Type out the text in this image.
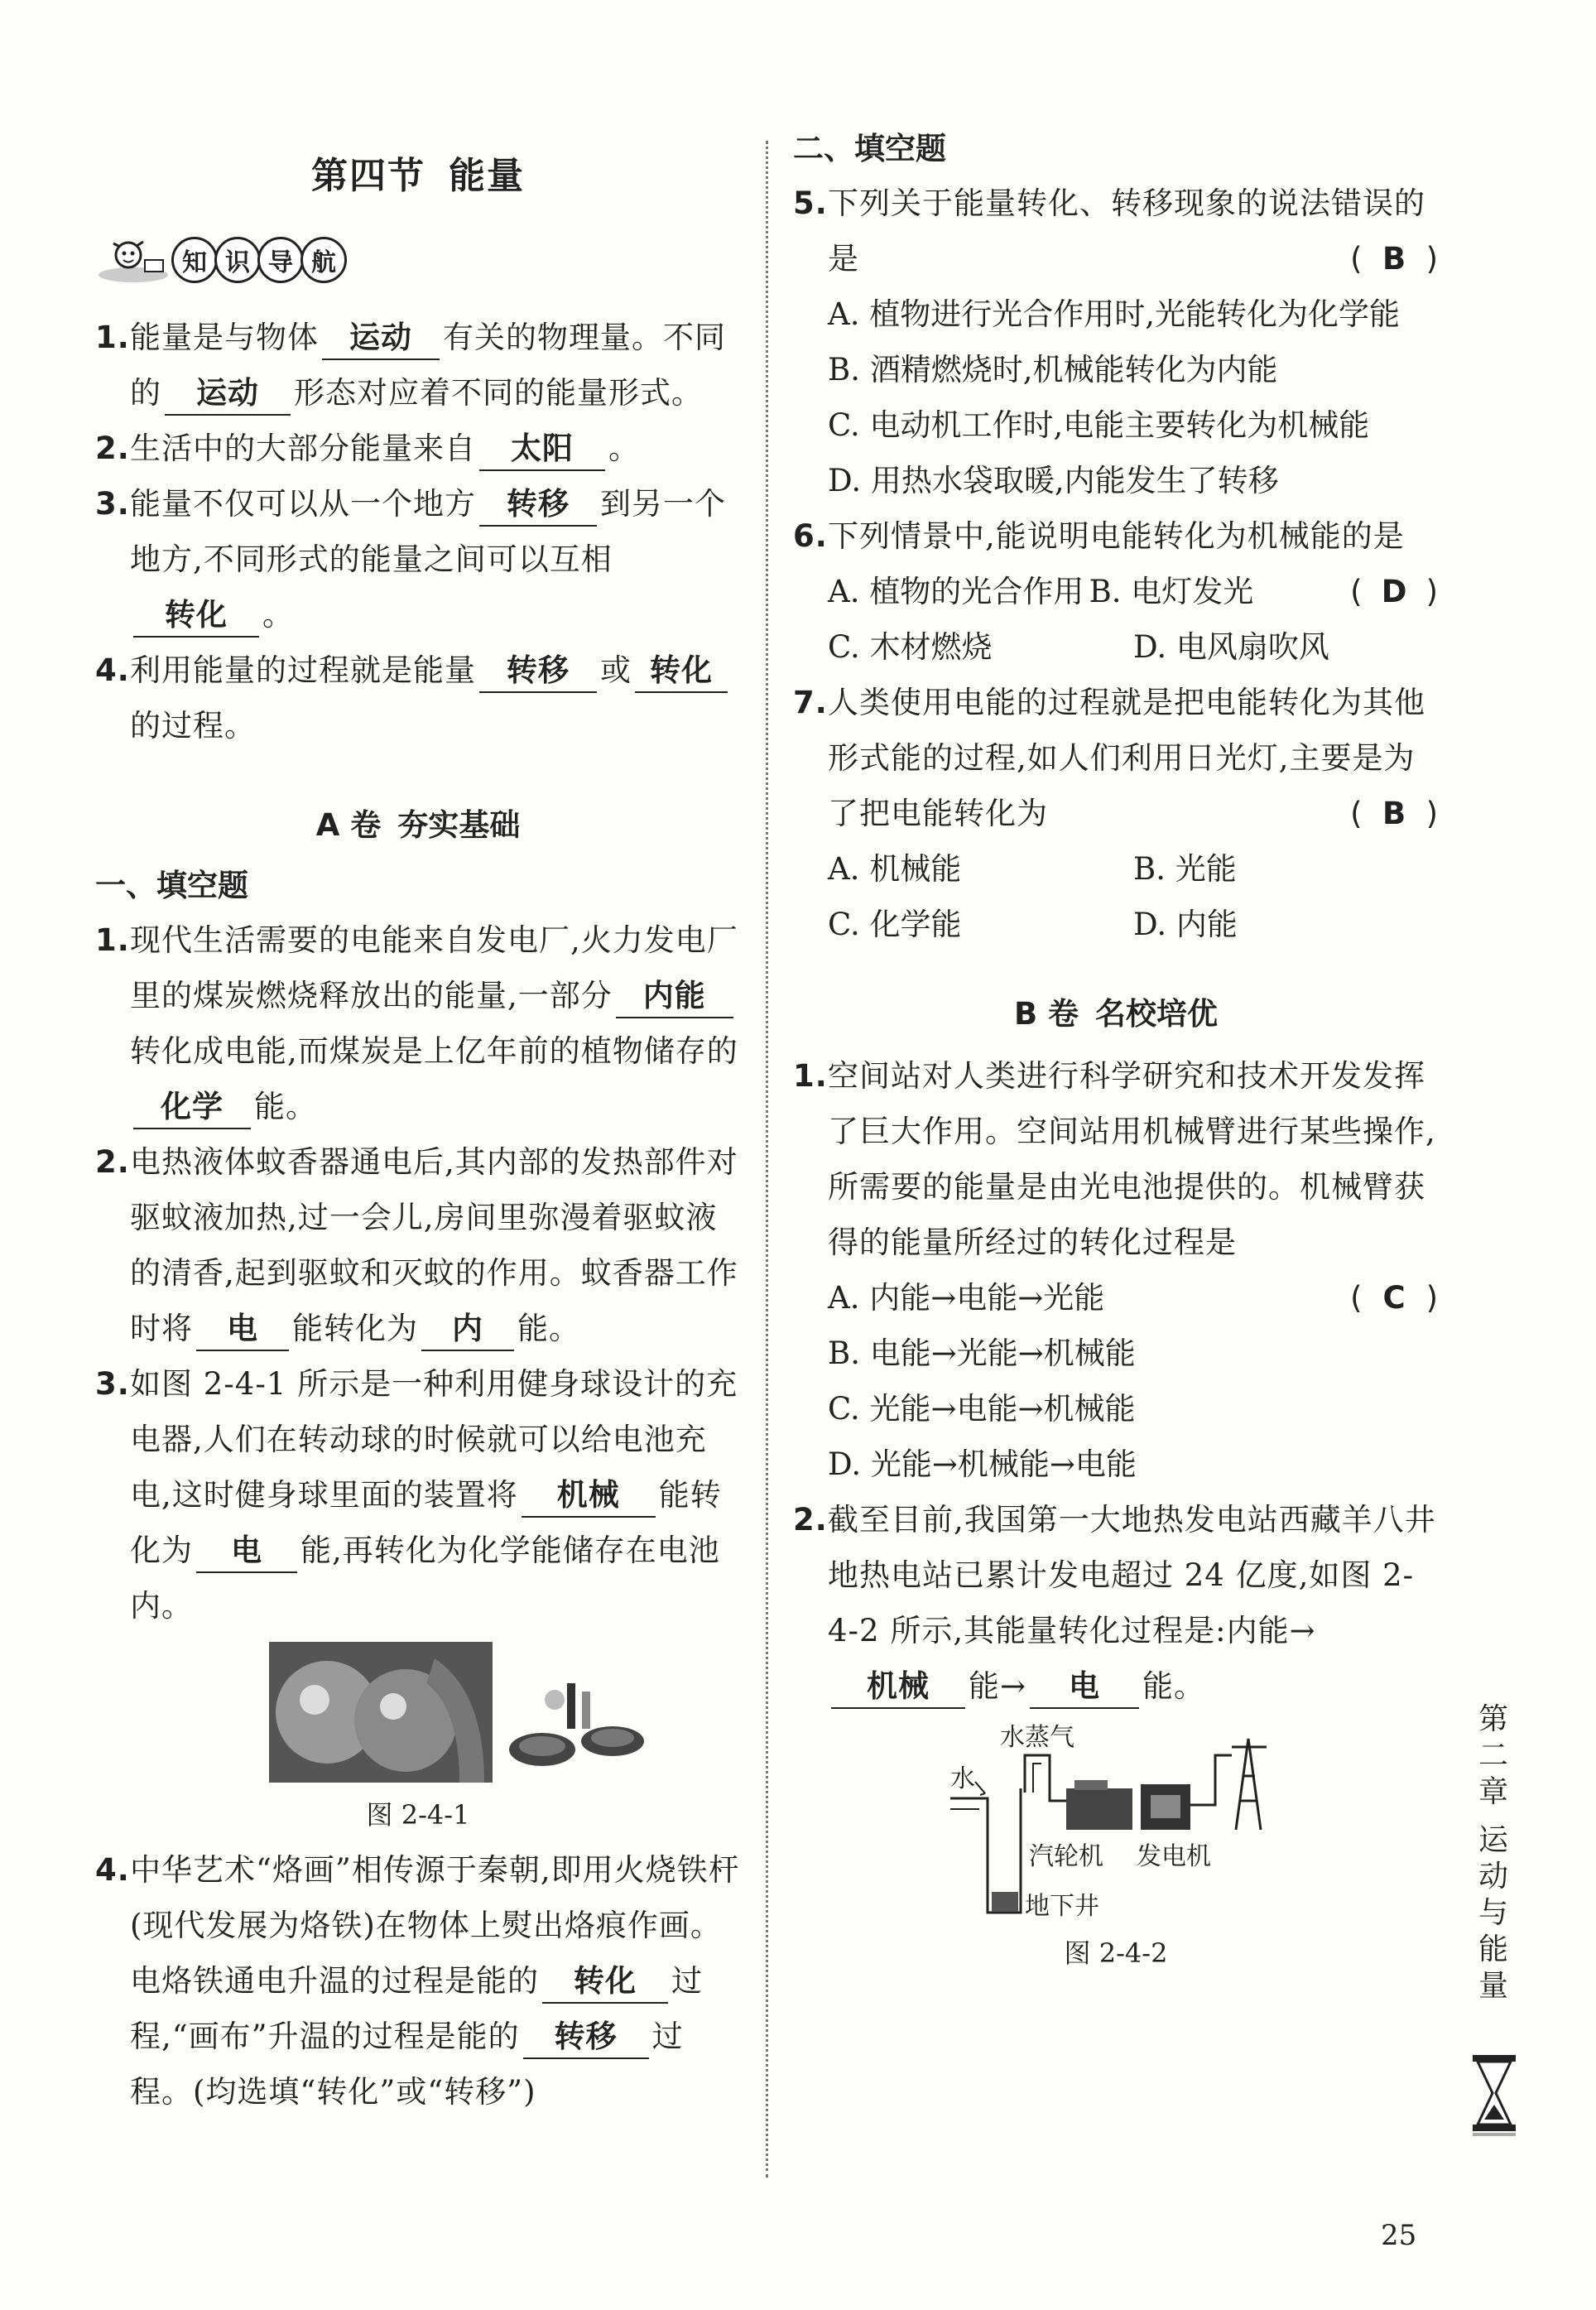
第四节 能量
知 识 导 航
1.能量是与物体 运动 有关的物理量。不同的 运动 形态对应着不同的能量形式。
2.生活中的大部分能量来自 太阳 。
3.能量不仅可以从一个地方 转移 到另一个地方,不同形式的能量之间可以互相转化 。
4.利用能量的过程就是能量 转移 或 转化的过程。
A 卷 夯实基础
一、填空题
1.现代生活需要的电能来自发电厂,火力发电厂里的煤炭燃烧释放出的能量,一部分 内能转化成电能,而煤炭是上亿年前的植物储存的化学 能。
2.电热液体蚊香器通电后,其内部的发热部件对驱蚊液加热,过一会儿,房间里弥漫着驱蚊液的清香,起到驱蚊和灭蚊的作用。蚊香器工作时将 电 能转化为 内 能。
3.如图 2-4-1 所示是一种利用健身球设计的充电器,人们在转动球的时候就可以给电池充电,这时健身球里面的装置将 机械 能转化为 电 能,再转化为化学能储存在电池内。
图 2-4-1
4.中华艺术“烙画”相传源于秦朝,即用火烧铁杆(现代发展为烙铁)在物体上熨出烙痕作画。电烙铁通电升温的过程是能的 转化 过程,“画布”升温的过程是能的 转移 过程。(均选填“转化”或“转移”)
二、填空题
5.下列关于能量转化、转移现象的说法错误的是	( B )
A. 植物进行光合作用时,光能转化为化学能
B. 酒精燃烧时,机械能转化为内能
C. 电动机工作时,电能主要转化为机械能
D. 用热水袋取暖,内能发生了转移
6.下列情景中,能说明电能转化为机械能的是
( D )
A. 植物的光合作用 B. 电灯发光
C. 木材燃烧	D. 电风扇吹风
7.人类使用电能的过程就是把电能转化为其他形式能的过程,如人们利用日光灯,主要是为了把电能转化为	( B )
A. 机械能	B. 光能
C. 化学能	D. 内能
B 卷 名校培优
1.空间站对人类进行科学研究和技术开发发挥了巨大作用。空间站用机械臂进行某些操作,所需要的能量是由光电池提供的。机械臂获得的能量所经过的转化过程是

( C )
A. 内能→电能→光能
B. 电能→光能→机械能
C. 光能→电能→机械能
D. 光能→机械能→电能
2.截至目前,我国第一大地热发电站西藏羊八井地热电站已累计发电超过 24 亿度,如图 2-4-2 所示,其能量转化过程是:内能→机械 能→ 电 能。
水蒸气
水
汽轮机 发电机
地下井
图 2-4-2
第二章
运动与能量
25
